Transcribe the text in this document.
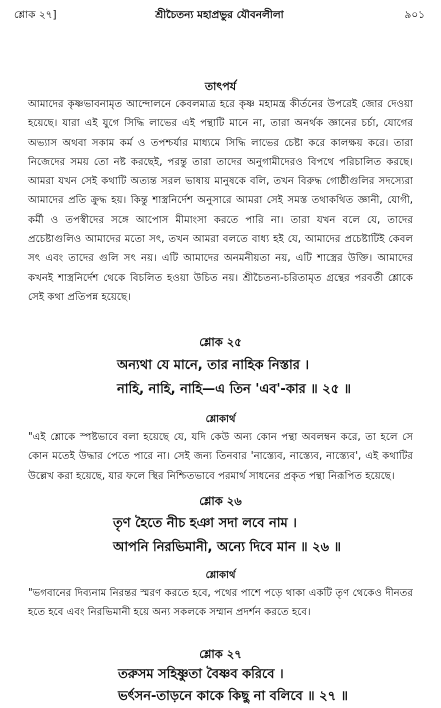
শ্লোক ২৭]	শ্রীচৈতন্য মহাপ্রভুর যৌবনলীলা	৯০১
তাৎপর্য

আমাদের কৃষ্ণভাবনামৃত আন্দোলনে কেবলমাত্র হরে কৃষ্ণ মহামন্ত্র কীর্তনের উপরেই জোর দেওয়া হয়েছে। যারা এই যুগে সিদ্ধি লাভের এই পন্থাটি মানে না, তারা অনর্থক জ্ঞানের চর্চা, যোগের অভ্যাস অথবা সকাম কর্ম ও তপশ্চর্যার মাধ্যমে সিদ্ধি লাভের চেষ্টা করে কালক্ষয় করে। তারা নিজেদের সময় তো নষ্ট করছেই, পরন্তু তারা তাদের অনুগামীদেরও বিপথে পরিচালিত করছে। আমরা যখন সেই কথাটি অত্যন্ত সরল ভাষায় মানুষকে বলি, তখন বিরুদ্ধ গোষ্ঠীগুলির সদস্যেরা আমাদের প্রতি ক্রুদ্ধ হয়। কিন্তু শাস্ত্রনির্দেশ অনুসারে আমরা সেই সমস্ত তথাকথিত জ্ঞানী, যোগী, কর্মী ও তপস্বীদের সঙ্গে আপোস মীমাংসা করতে পারি না। তারা যখন বলে যে, তাদের প্রচেষ্টাগুলিও আমাদের মতো সৎ, তখন আমরা বলতে বাধ্য হই যে, আমাদের প্রচেষ্টাটিই কেবল সৎ এবং তাদের গুলি সৎ নয়। এটি আমাদের অনমনীয়তা নয়, এটি শাস্ত্রের উক্তি। আমাদের কখনই শাস্ত্রনির্দেশ থেকে বিচলিত হওয়া উচিত নয়। শ্রীচৈতন্য-চরিতামৃত গ্রন্থের পরবর্তী শ্লোকে সেই কথা প্রতিপন্ন হয়েছে।

শ্লোক ২৫
অন্যথা যে মানে, তার নাহিক নিস্তার ।
নাহি, নাহি, নাহি—এ তিন 'এব'-কার ॥ ২৫ ॥
শ্লোকার্থ

"এই শ্লোকে স্পষ্টভাবে বলা হয়েছে যে, যদি কেউ অন্য কোন পন্থা অবলম্বন করে, তা হলে সে কোন মতেই উদ্ধার পেতে পারে না। সেই জন্য তিনবার 'নাস্ত্যেব, নাস্ত্যেব, নাস্ত্যেব', এই কথাটির উল্লেখ করা হয়েছে, যার ফলে স্থির নিশ্চিতভাবে পরমার্থ সাধনের প্রকৃত পন্থা নিরূপিত হয়েছে।

শ্লোক ২৬
তৃণ হৈতে নীচ হঞা সদা লবে নাম ।
আপনি নিরভিমানী, অন্যে দিবে মান ॥ ২৬ ॥
শ্লোকার্থ

"ভগবানের দিব্যনাম নিরন্তর স্মরণ করতে হবে, পথের পাশে পড়ে থাকা একটি তৃণ থেকেও দীনতর হতে হবে এবং নিরভিমানী হয়ে অন্য সকলকে সম্মান প্রদর্শন করতে হবে।

শ্লোক ২৭
তরুসম সহিষ্ণুতা বৈষ্ণব করিবে ।
ভর্ৎসন-তাড়নে কাকে কিছু না বলিবে ॥ ২৭ ॥
